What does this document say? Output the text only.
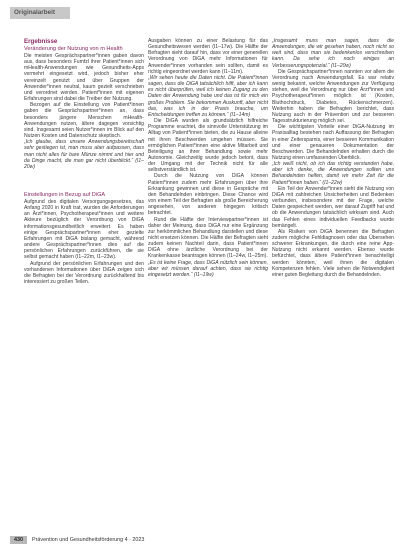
Originalarbeit

Ergebnisse

Veränderung der Nutzung von m Health

Die meisten Gesprächspartner*innen gaben davon aus, dass besonders Fumfzl ihrer Patient*innen sich mHealth-Anwendungen wie Gesundheits-Apps vermehrt eingesetzt wird, jedoch bisher eher vereinzelt genutzt und über Gruppen der Anwender*innen neutral, kaum gezielt verschrieben und verordnet werden. Patient*innen mit eigenen Erfahrungen sind dabei die Treiber der Nutzung.

Bezogen auf die Einstellung von Patient*innen gaben die Gesprächspartner*innen an, dass besonders jüngere Menschen mHealth-Anwendungen nutzen, ältere dagegen vorsichtig sind. Insgesamt seien Nutzer*innen im Blick auf den Nutzen Kosten und Datenschutz skeptisch.

„Ich glaube, dass unsere Anwendungsbereitschaft sehr gestiegen ist, man muss aber aufpassen, dass man nicht alles für bare Münze nimmt und hier und da Dinge macht, die man gar nicht überblickt.“ (I1–20w)

Einstellungen in Bezug auf DiGA

Aufgrund des digitalen Versorgungsgesetzes, das Anfang 2020 in Kraft trat, wurden die Anforderungen an Ärzt*innen, Psychotherapeut*innen und weitere Akteure bezüglich der Verordnung von DiGA informationsgesundheitlich erweitert. Es haben einige Gesprächspartner*innen eher gezielte Erfahrungen mit DiGA bislang gemacht, während andere Gesprächspartner*innen dies auf die persönlichen Erfahrungen zurückführen, die sie selbst gemacht haben (I1–22m, I1–23w).

Aufgrund der persönlichen Erfahrungen und den vorhandenen Informationen über DiGA zeigen sich die Befragten bei der Verordnung zurückhaltend bis interessiert zu großen Teilen.

Ausgaben können zu einer Belastung für das Gesundheitswesen werden (I1–17w). Die Hälfte der Befragten sieht darauf hin, dass vor einer generellen Verordnung von DiGA mehr Informationen für Anwender*innen vorhanden sein sollten, damit es richtig eingeordnet werden kann (I1–11m).

„Wir sehen heute die Daten nicht. Die Patient*innen sagen, dass die DiGA tatsächlich hilft, aber ich kann es nicht überprüfen, weil ich keinen Zugang zu den Daten der Anwendung habe und das ist für mich ein großes Problem. Sie bekommen Auskunft, aber nicht das, was ich in der Praxis brauche, um Entscheidungen treffen zu können.“ (I1–14m)

Die DiGA wurden als grundsätzlich hilfreiche Programme erachtet, die sinnvolle Unterstützung im Alltag von Patient*innen bieten, die zu Hause alleine mit ihren Beschwerden umgehen müssen. Sie ermöglichen Patient*innen eine aktive Mitarbeit und Beteiligung an ihrer Behandlung sowie mehr Autonomie. Gleichzeitig wurde jedoch betont, dass der Umgang mit der Technik nicht für alle selbstverständlich ist.

Durch die Nutzung von DiGA können Patient*innen zudem mehr Erfahrungen über ihre Erkrankung gewinnen und diese in Gespräche mit den Behandelnden einbringen. Diese Chance wird von einem Teil der Befragten als große Bereicherung angesehen, von anderen hingegen kritisch betrachtet.

Rund die Hälfte der Interviewpartner*innen ist daher der Meinung, dass DiGA nur eine Ergänzung zur herkömmlichen Behandlung darstellen und diese nicht ersetzen können. Die Hälfte der Befragten sieht zudem keinen Nachteil darin, dass Patient*innen DiGA ohne ärztliche Verordnung bei der Krankenkasse beantragen können (I1–24w, I1–25m).

„Es ist keine Frage, dass DiGA nützlich sein können, aber wir müssen darauf achten, dass sie richtig eingesetzt werden.“ (I1–19w)

„Insgesamt muss man sagen, dass die Anwendungen, die wir gesehen haben, noch nicht so weit sind, dass man sie bedenkenlos verschreiben kann. Da sehe ich noch einiges an Verbesserungspotenzial.“ (I1–20w)

Die Gesprächspartner*innen nannten vor allem die Verordnung nach Anwendungsfall. Es war relativ wenig bekannt, welche Anwendungen zur Verfügung stehen, weil die Verordnung nur über Ärzt*innen und Psychotherapeut*innen möglich ist (Kosten, Bluthochdruck, Diabetes, Rückenschmerzen). Weiterhin haben die Befragten berichtet, dass Nutzung auch in der Prävention und zur besseren Tagesstrukturierung möglich sei.

Die wichtigsten Vorteile einer DiGA-Nutzung im Praxisalltag bestehen nach Auffassung der Befragten in einer Zeitersparnis, einer besseren Kommunikation und einer genaueren Dokumentation der Beschwerden. Die Behandelnden erhalten durch die Nutzung einen umfassenden Überblick.

„Ich weiß nicht, ob ich das richtig verstanden habe, aber ich denke, die Anwendungen sollten uns Behandelnden helfen, damit wir mehr Zeit für die Patient*innen haben.“ (I1–22w)

Ein Teil der Anwender*innen sieht die Nutzung von DiGA mit zahlreichen Unsicherheiten und Bedenken verbunden, insbesondere mit der Frage, welche Daten gespeichert werden, wer darauf Zugriff hat und ob die Anwendungen tatsächlich wirksam sind. Auch das Fehlen eines individuellen Feedbacks wurde bemängelt.

Als Risiken von DiGA benennen die Befragten zudem mögliche Fehldiagnosen oder das Übersehen schwerer Erkrankungen, die durch eine reine App-Nutzung nicht erkannt werden. Ebenso wurde befürchtet, dass ältere Patient*innen benachteiligt werden könnten, weil ihnen die digitalen Kompetenzen fehlen. Viele sehen die Notwendigkeit einer guten Begleitung durch die Behandelnden.

430	Prävention und Gesundheitsförderung 4 · 2023
